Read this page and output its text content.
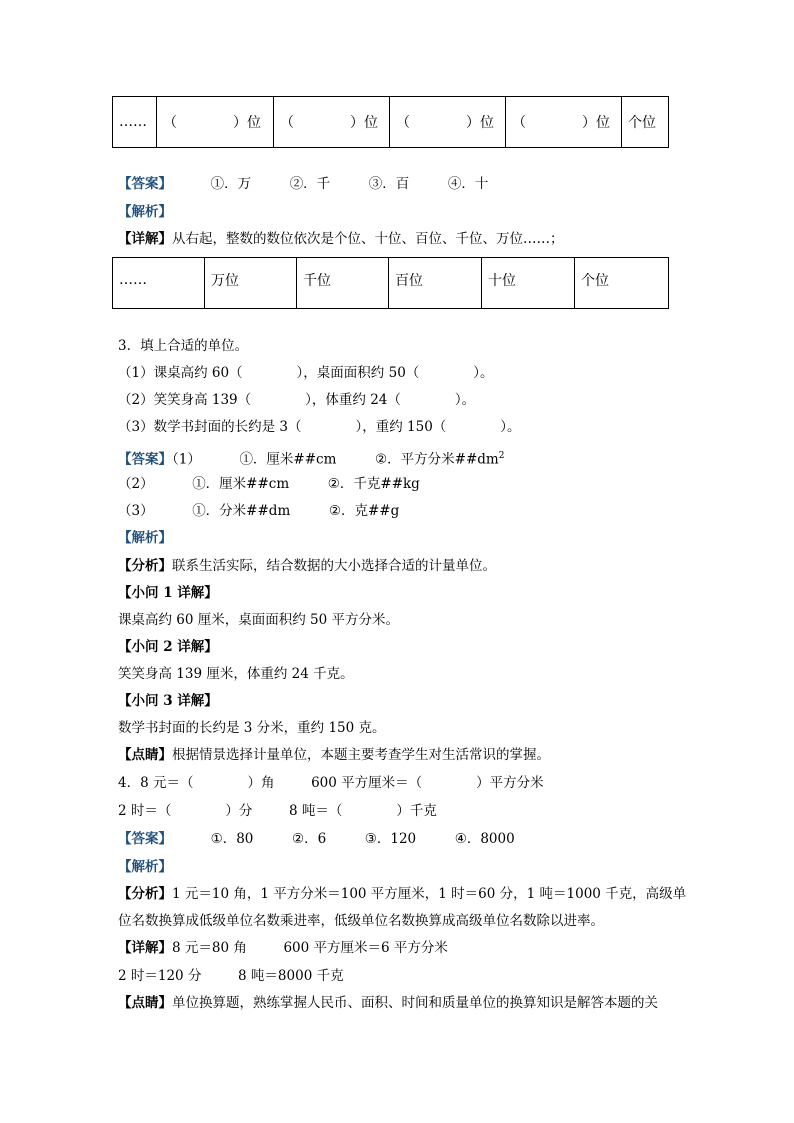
……	（　　　　）位	（　　　　）位	（　　　　）位	（　　　　）位	个位
【答案】	①．万	②．千	③．百	④．十
【解析】
【详解】从右起，整数的数位依次是个位、十位、百位、千位、万位……；
……	万位	千位	百位	十位	个位
3．填上合适的单位。
（1）课桌高约 60（　　　　），桌面面积约 50（　　　　）。
（2）笑笑身高 139（　　　　），体重约 24（　　　　）。
（3）数学书封面的长约是 3（　　　　），重约 150（　　　　）。
【答案】（1）	①．厘米##cm	②．平方分米$\#\#dm^2$
（2）	①．厘米##cm	②．千克##kg
（3）	①．分米##dm	②．克##g
【解析】
【分析】联系生活实际，结合数据的大小选择合适的计量单位。
【小问 1 详解】
课桌高约 60 厘米，桌面面积约 50 平方分米。
【小问 2 详解】
笑笑身高 139 厘米，体重约 24 千克。
【小问 3 详解】
数学书封面的长约是 3 分米，重约 150 克。
【点睛】根据情景选择计量单位，本题主要考查学生对生活常识的掌握。
4．8 元＝（　　　　）角	600 平方厘米＝（　　　　）平方分米
2 时＝（　　　　）分	8 吨＝（　　　　）千克
【答案】	①．80	②．6	③．120	④．8000
【解析】
【分析】1 元＝10 角，1 平方分米＝100 平方厘米，1 时＝60 分，1 吨＝1000 千克，高级单
位名数换算成低级单位名数乘进率，低级单位名数换算成高级单位名数除以进率。
【详解】8 元＝80 角	600 平方厘米＝6 平方分米
2 时＝120 分	8 吨＝8000 千克
【点睛】单位换算题，熟练掌握人民币、面积、时间和质量单位的换算知识是解答本题的关
